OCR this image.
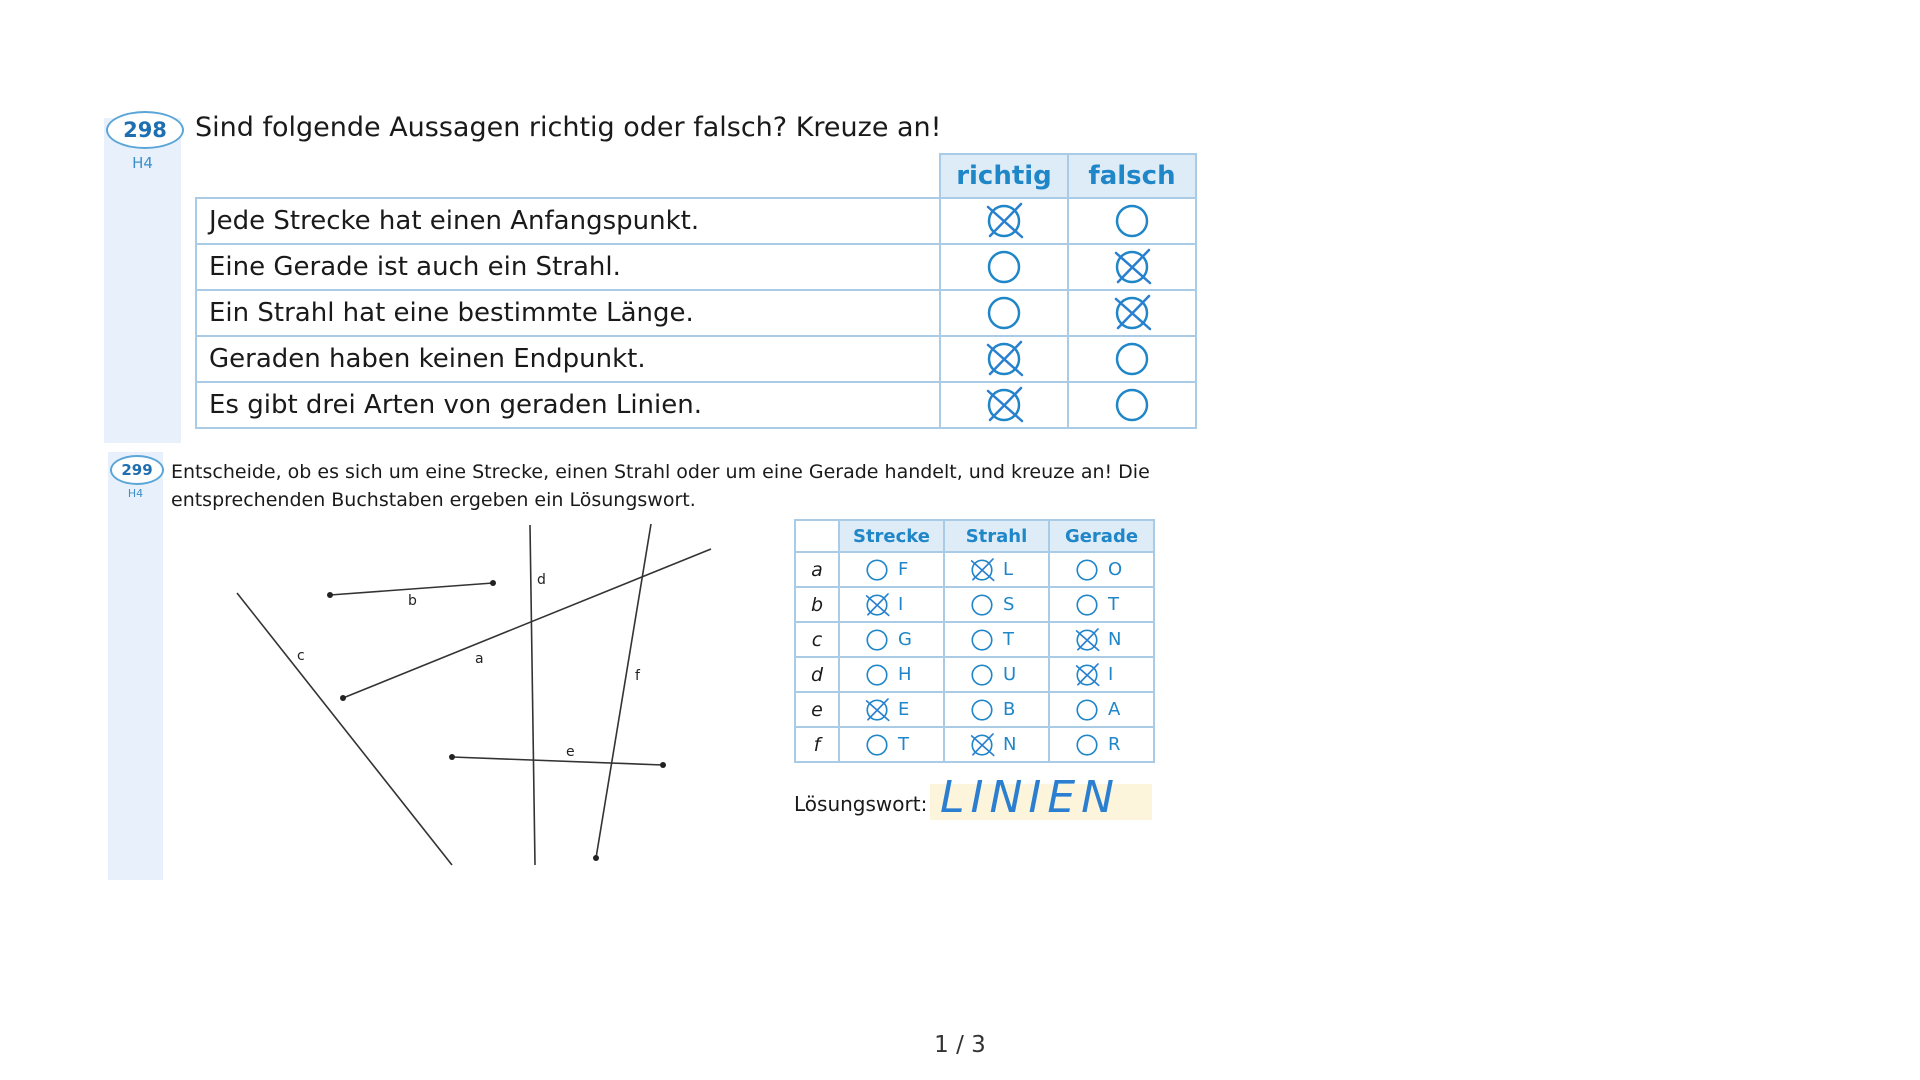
298
H4
Sind folgende Aussagen richtig oder falsch? Kreuze an!
	richtig	falsch
Jede Strecke hat einen Anfangspunkt.	

Eine Gerade ist auch ein Strahl.	

Ein Strahl hat eine bestimmte Länge.	

Geraden haben keinen Endpunkt.	

Es gibt drei Arten von geraden Linien.	

299
H4
Entscheide, ob es sich um eine Strecke, einen Strahl oder um eine Gerade handelt, und kreuze an! Die entsprechenden Buchstaben ergeben ein Lösungswort.
a
b
c
d
e
f
	Strecke	Strahl	Gerade
a	F	L	O

b	I	S	T

c	G	T	N

d	H	U	I

e	E	B	A

f	T	N	R
Lösungswort: LINIEN
1 / 3
